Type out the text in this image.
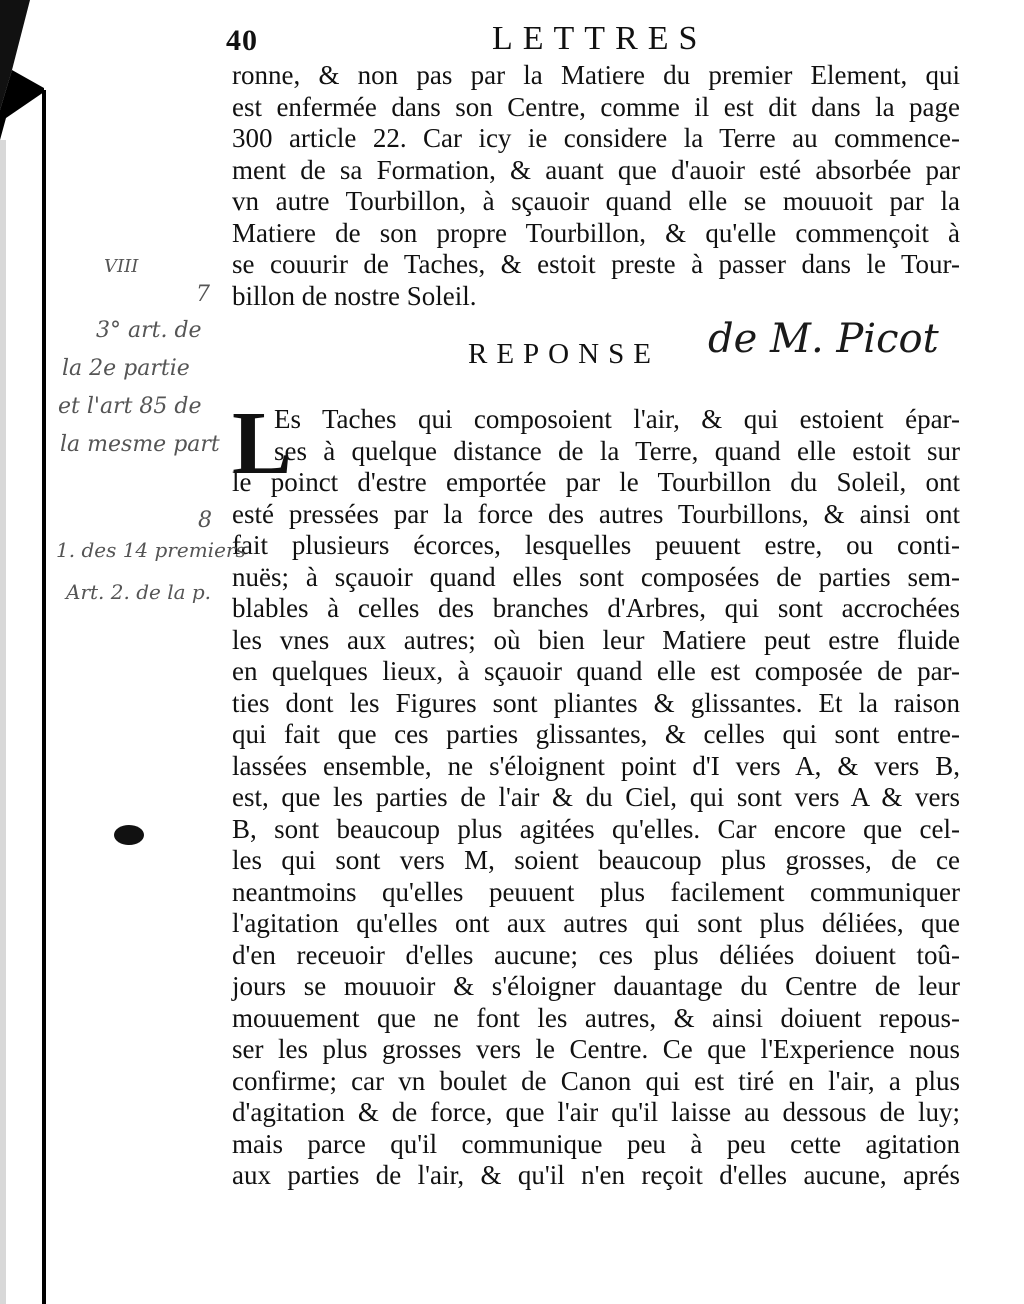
40	LETTRES
ronne, & non pas par la Matiere du premier Element, qui
est enfermée dans son Centre, comme il est dit dans la page
300 article 22. Car icy ie considere la Terre au commence-
ment de sa Formation, & auant que d'auoir esté absorbée par
vn autre Tourbillon, à sçauoir quand elle se mouuoit par la
Matiere de son propre Tourbillon, & qu'elle commençoit à
se couurir de Taches, & estoit preste à passer dans le Tour-
billon de nostre Soleil.
REPONSE de M. Picot
L
Es Taches qui composoient l'air, & qui estoient épar-
ses à quelque distance de la Terre, quand elle estoit sur
le poinct d'estre emportée par le Tourbillon du Soleil, ont
esté pressées par la force des autres Tourbillons, & ainsi ont
fait plusieurs écorces, lesquelles peuuent estre, ou conti-
nuës; à sçauoir quand elles sont composées de parties sem-
blables à celles des branches d'Arbres, qui sont accrochées
les vnes aux autres; où bien leur Matiere peut estre fluide
en quelques lieux, à sçauoir quand elle est composée de par-
ties dont les Figures sont pliantes & glissantes. Et la raison
qui fait que ces parties glissantes, & celles qui sont entre-
lassées ensemble, ne s'éloignent point d'I vers A, & vers B,
est, que les parties de l'air & du Ciel, qui sont vers A & vers
B, sont beaucoup plus agitées qu'elles. Car encore que cel-
les qui sont vers M, soient beaucoup plus grosses, de ce
neantmoins qu'elles peuuent plus facilement communiquer
l'agitation qu'elles ont aux autres qui sont plus déliées, que
d'en receuoir d'elles aucune; ces plus déliées doiuent toû-
jours se mouuoir & s'éloigner dauantage du Centre de leur
mouuement que ne font les autres, & ainsi doiuent repous-
ser les plus grosses vers le Centre. Ce que l'Experience nous
confirme; car vn boulet de Canon qui est tiré en l'air, a plus
d'agitation & de force, que l'air qu'il laisse au dessous de luy;
mais parce qu'il communique peu à peu cette agitation
aux parties de l'air, & qu'il n'en reçoit d'elles aucune, aprés
VIII
7
3° art. de
la 2e partie
et l'art 85 de
la mesme part
8
1. des 14 premiers
Art. 2. de la p.
